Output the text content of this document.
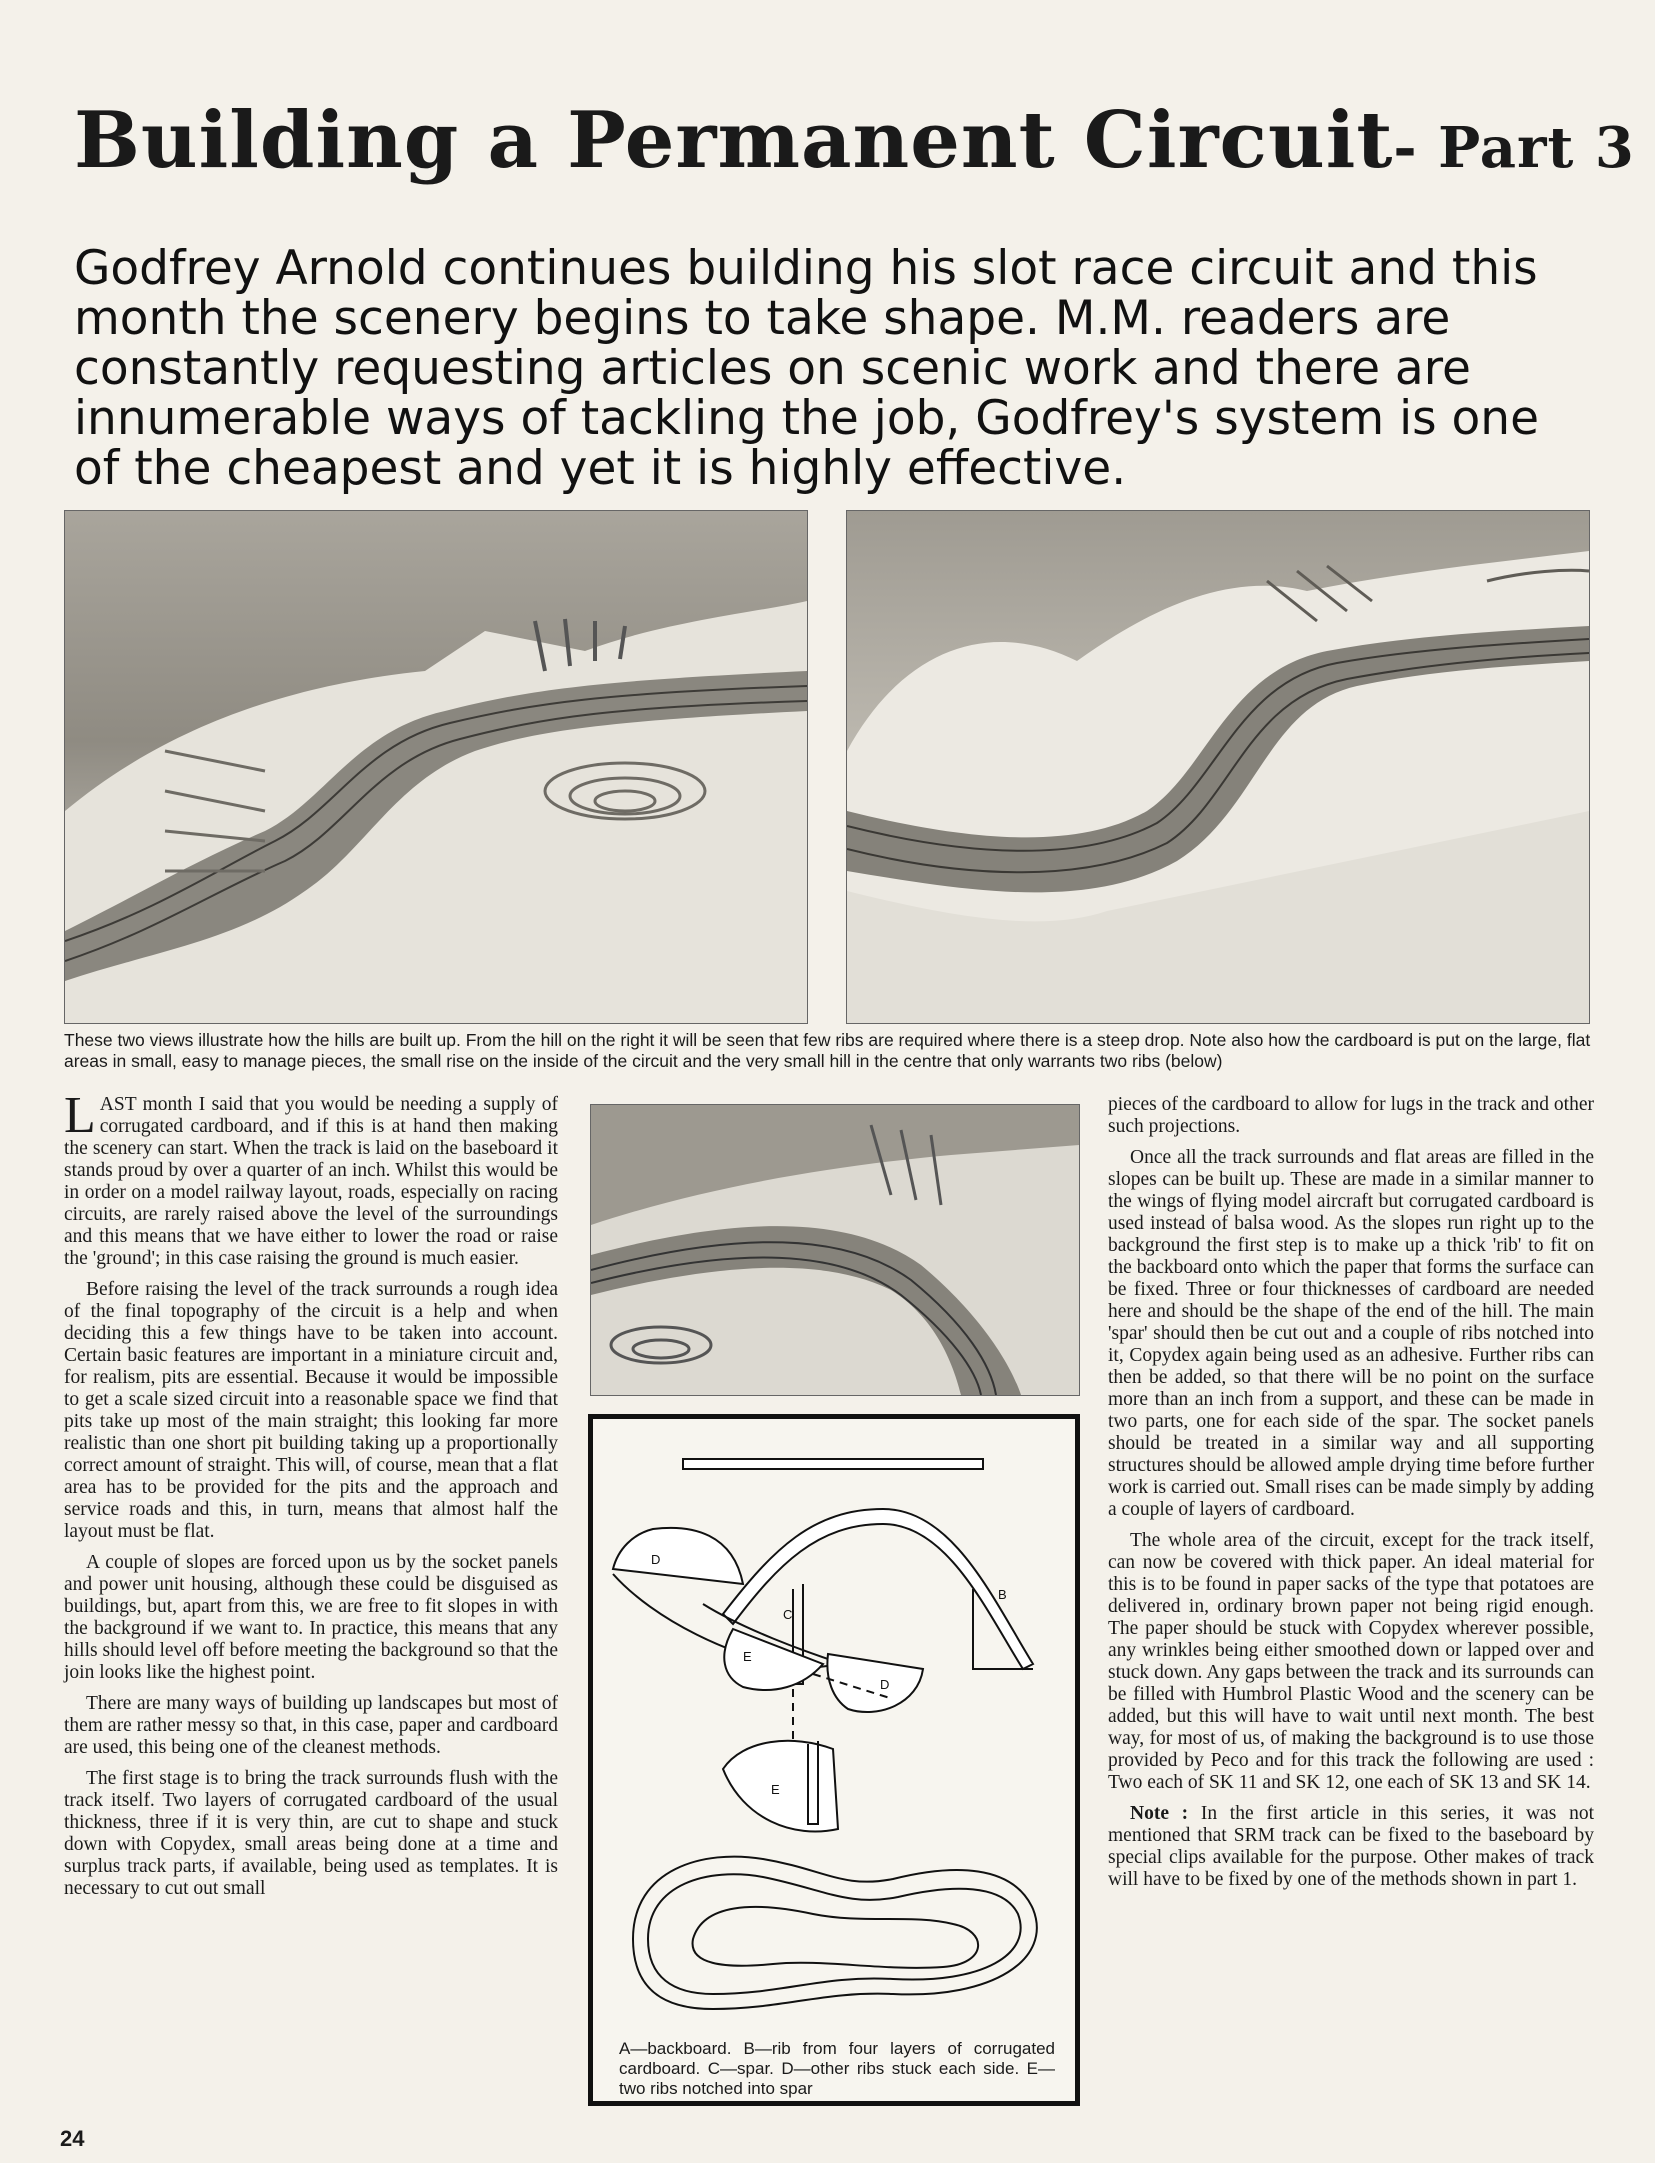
Building a Permanent Circuit- Part 3
Godfrey Arnold continues building his slot race circuit and this month the scenery begins to take shape. M.M. readers are constantly requesting articles on scenic work and there are innumerable ways of tackling the job, Godfrey's system is one of the cheapest and yet it is highly effective.
These two views illustrate how the hills are built up. From the hill on the right it will be seen that few ribs are required where there is a steep drop. Note also how the cardboard is put on the large, flat areas in small, easy to manage pieces, the small rise on the inside of the circuit and the very small hill in the centre that only warrants two ribs (below)

LAST month I said that you would be needing a supply of corrugated cardboard, and if this is at hand then making the scenery can start. When the track is laid on the baseboard it stands proud by over a quarter of an inch. Whilst this would be in order on a model railway layout, roads, especially on racing circuits, are rarely raised above the level of the surroundings and this means that we have either to lower the road or raise the 'ground'; in this case raising the ground is much easier.

Before raising the level of the track surrounds a rough idea of the final topography of the circuit is a help and when deciding this a few things have to be taken into account. Certain basic features are important in a miniature circuit and, for realism, pits are essential. Because it would be impossible to get a scale sized circuit into a reasonable space we find that pits take up most of the main straight; this looking far more realistic than one short pit building taking up a proportionally correct amount of straight. This will, of course, mean that a flat area has to be provided for the pits and the approach and service roads and this, in turn, means that almost half the layout must be flat.

A couple of slopes are forced upon us by the socket panels and power unit housing, although these could be disguised as buildings, but, apart from this, we are free to fit slopes in with the background if we want to. In practice, this means that any hills should level off before meeting the background so that the join looks like the highest point.

There are many ways of building up landscapes but most of them are rather messy so that, in this case, paper and cardboard are used, this being one of the cleanest methods.

The first stage is to bring the track surrounds flush with the track itself. Two layers of corrugated cardboard of the usual thickness, three if it is very thin, are cut to shape and stuck down with Copydex, small areas being done at a time and surplus track parts, if available, being used as templates. It is necessary to cut out small

D
B
C
E
D
E
A—backboard. B—rib from four layers of corrugated cardboard. C—spar. D—other ribs stuck each side. E— two ribs notched into spar

pieces of the cardboard to allow for lugs in the track and other such projections.

Once all the track surrounds and flat areas are filled in the slopes can be built up. These are made in a similar manner to the wings of flying model aircraft but corrugated cardboard is used instead of balsa wood. As the slopes run right up to the background the first step is to make up a thick 'rib' to fit on the backboard onto which the paper that forms the surface can be fixed. Three or four thicknesses of cardboard are needed here and should be the shape of the end of the hill. The main 'spar' should then be cut out and a couple of ribs notched into it, Copydex again being used as an adhesive. Further ribs can then be added, so that there will be no point on the surface more than an inch from a support, and these can be made in two parts, one for each side of the spar. The socket panels should be treated in a similar way and all supporting structures should be allowed ample drying time before further work is carried out. Small rises can be made simply by adding a couple of layers of cardboard.

The whole area of the circuit, except for the track itself, can now be covered with thick paper. An ideal material for this is to be found in paper sacks of the type that potatoes are delivered in, ordinary brown paper not being rigid enough. The paper should be stuck with Copydex wherever possible, any wrinkles being either smoothed down or lapped over and stuck down. Any gaps between the track and its surrounds can be filled with Humbrol Plastic Wood and the scenery can be added, but this will have to wait until next month. The best way, for most of us, of making the background is to use those provided by Peco and for this track the following are used : Two each of SK 11 and SK 12, one each of SK 13 and SK 14.

Note : In the first article in this series, it was not mentioned that SRM track can be fixed to the baseboard by special clips available for the purpose. Other makes of track will have to be fixed by one of the methods shown in part 1.

24
